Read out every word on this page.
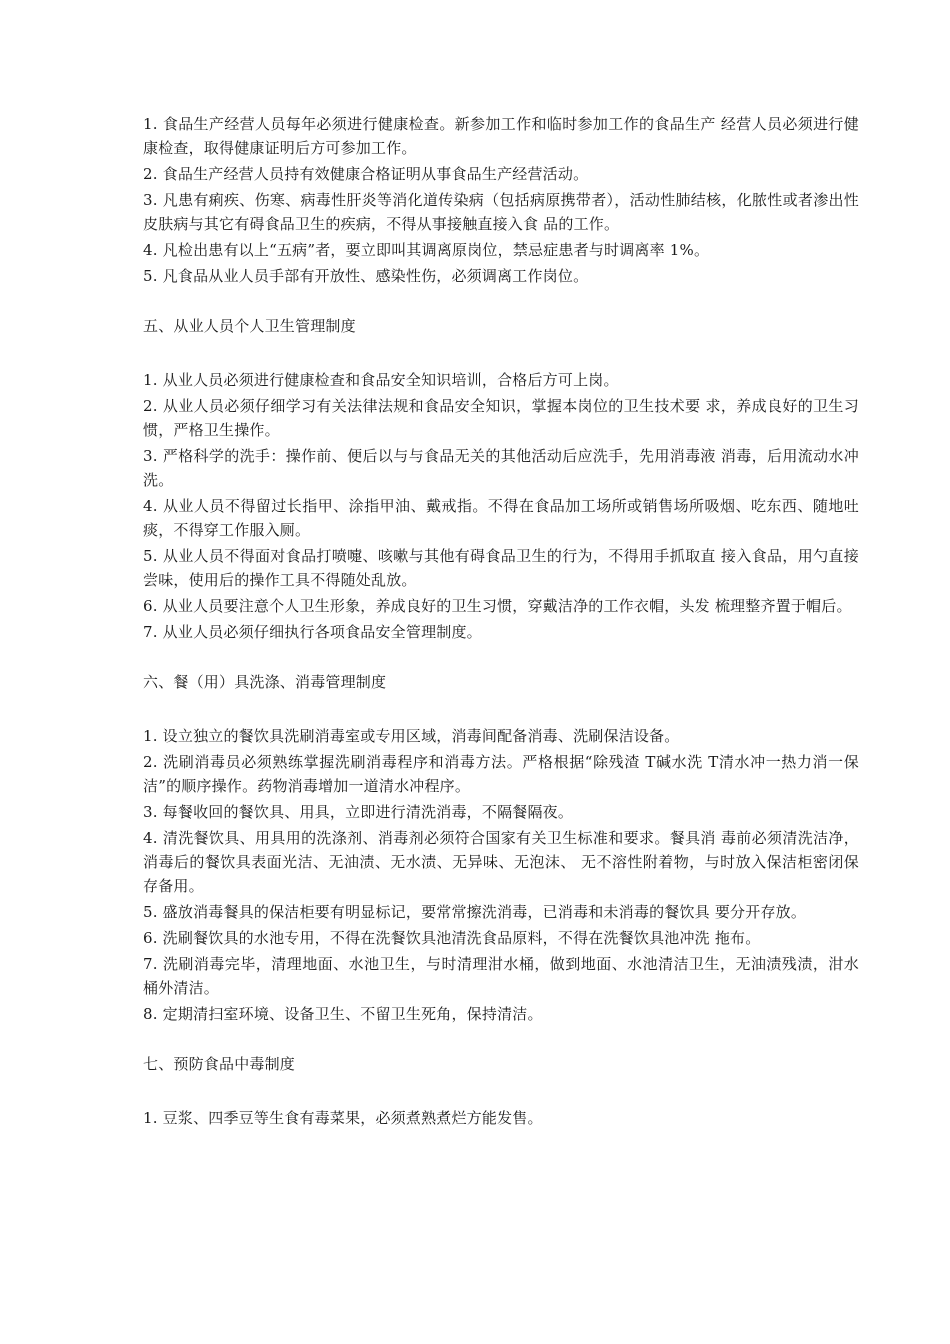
1. 食品生产经营人员每年必须进行健康检查。新参加工作和临时参加工作的食品生产 经营人员必须进行健康检查，取得健康证明后方可参加工作。

2. 食品生产经营人员持有效健康合格证明从事食品生产经营活动。

3. 凡患有痢疾、伤寒、病毒性肝炎等消化道传染病（包括病原携带者），活动性肺结核，化脓性或者渗出性皮肤病与其它有碍食品卫生的疾病，不得从事接触直接入食 品的工作。

4. 凡检出患有以上“五病”者，要立即叫其调离原岗位，禁忌症患者与时调离率 1%。

5. 凡食品从业人员手部有开放性、感染性伤，必须调离工作岗位。

五、从业人员个人卫生管理制度

1. 从业人员必须进行健康检查和食品安全知识培训，合格后方可上岗。

2. 从业人员必须仔细学习有关法律法规和食品安全知识，掌握本岗位的卫生技术要 求，养成良好的卫生习惯，严格卫生操作。

3. 严格科学的洗手：操作前、便后以与与食品无关的其他活动后应洗手，先用消毒液 消毒，后用流动水冲洗。

4. 从业人员不得留过长指甲、涂指甲油、戴戒指。不得在食品加工场所或销售场所吸烟、吃东西、随地吐痰，不得穿工作服入厕。

5. 从业人员不得面对食品打喷嚏、咳嗽与其他有碍食品卫生的行为，不得用手抓取直 接入食品，用勺直接尝味，使用后的操作工具不得随处乱放。

6. 从业人员要注意个人卫生形象，养成良好的卫生习惯，穿戴洁净的工作衣帽，头发 梳理整齐置于帽后。

7. 从业人员必须仔细执行各项食品安全管理制度。

六、餐（用）具洗涤、消毒管理制度

1. 设立独立的餐饮具洗刷消毒室或专用区域，消毒间配备消毒、洗刷保洁设备。

2. 洗刷消毒员必须熟练掌握洗刷消毒程序和消毒方法。严格根据“除残渣 T碱水洗 T清水冲一热力消一保洁”的顺序操作。药物消毒增加一道清水冲程序。

3. 每餐收回的餐饮具、用具，立即进行清洗消毒，不隔餐隔夜。

4. 清洗餐饮具、用具用的洗涤剂、消毒剂必须符合国家有关卫生标准和要求。餐具消 毒前必须清洗洁净，消毒后的餐饮具表面光洁、无油渍、无水渍、无异味、无泡沫、 无不溶性附着物，与时放入保洁柜密闭保存备用。

5. 盛放消毒餐具的保洁柜要有明显标记，要常常擦洗消毒，已消毒和未消毒的餐饮具 要分开存放。

6. 洗刷餐饮具的水池专用，不得在洗餐饮具池清洗食品原料，不得在洗餐饮具池冲洗 拖布。

7. 洗刷消毒完毕，清理地面、水池卫生，与时清理泔水桶，做到地面、水池清洁卫生，无油渍残渍，泔水桶外清洁。

8. 定期清扫室环境、设备卫生、不留卫生死角，保持清洁。

七、预防食品中毒制度

1. 豆浆、四季豆等生食有毒菜果，必须煮熟煮烂方能发售。
